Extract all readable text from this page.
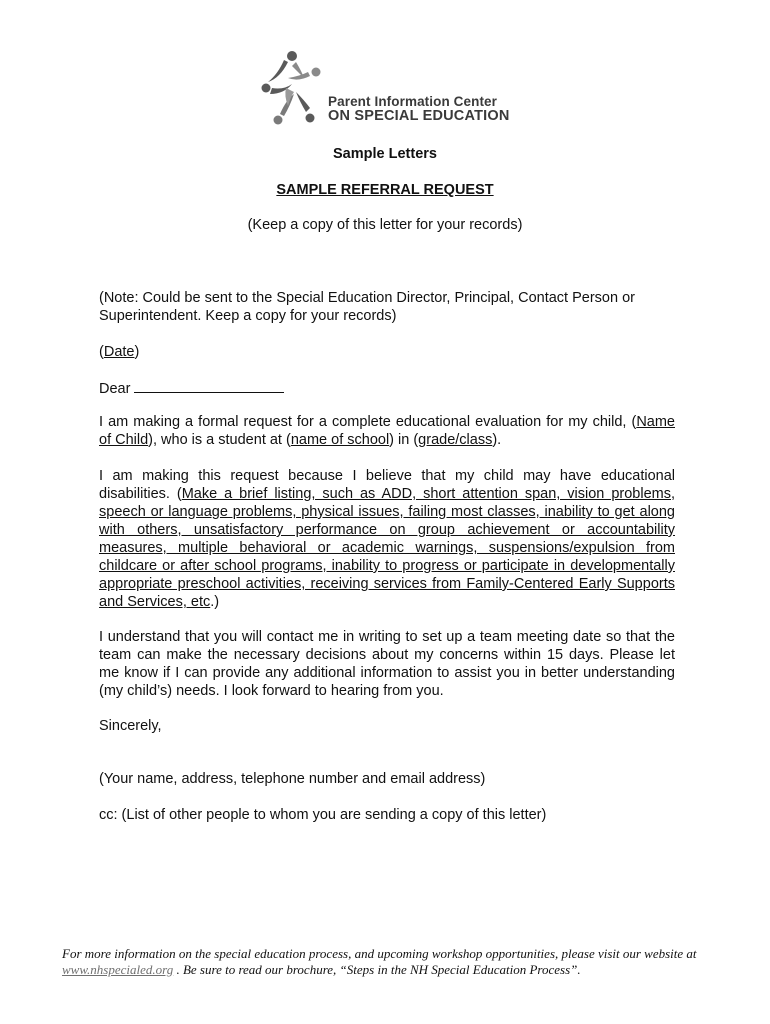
Parent Information Center
ON SPECIAL EDUCATION
Sample Letters
SAMPLE REFERRAL REQUEST
(Keep a copy of this letter for your records)
(Note: Could be sent to the Special Education Director, Principal, Contact Person or Superintendent. Keep a copy for your records)
(Date)
Dear
I am making a formal request for a complete educational evaluation for my child, (Name of Child), who is a student at (name of school) in (grade/class).
I am making this request because I believe that my child may have educational disabilities. (Make a brief listing, such as ADD, short attention span, vision problems, speech or language problems, physical issues, failing most classes, inability to get along with others, unsatisfactory performance on group achievement or accountability measures, multiple behavioral or academic warnings, suspensions/expulsion from childcare or after school programs, inability to progress or participate in developmentally appropriate preschool activities, receiving services from Family-Centered Early Supports and Services, etc.)
I understand that you will contact me in writing to set up a team meeting date so that the team can make the necessary decisions about my concerns within 15 days. Please let me know if I can provide any additional information to assist you in better understanding (my child’s) needs. I look forward to hearing from you.
Sincerely,
(Your name, address, telephone number and email address)
cc: (List of other people to whom you are sending a copy of this letter)
For more information on the special education process, and upcoming workshop opportunities, please visit our website at www.nhspecialed.org . Be sure to read our brochure, “Steps in the NH Special Education Process”.
